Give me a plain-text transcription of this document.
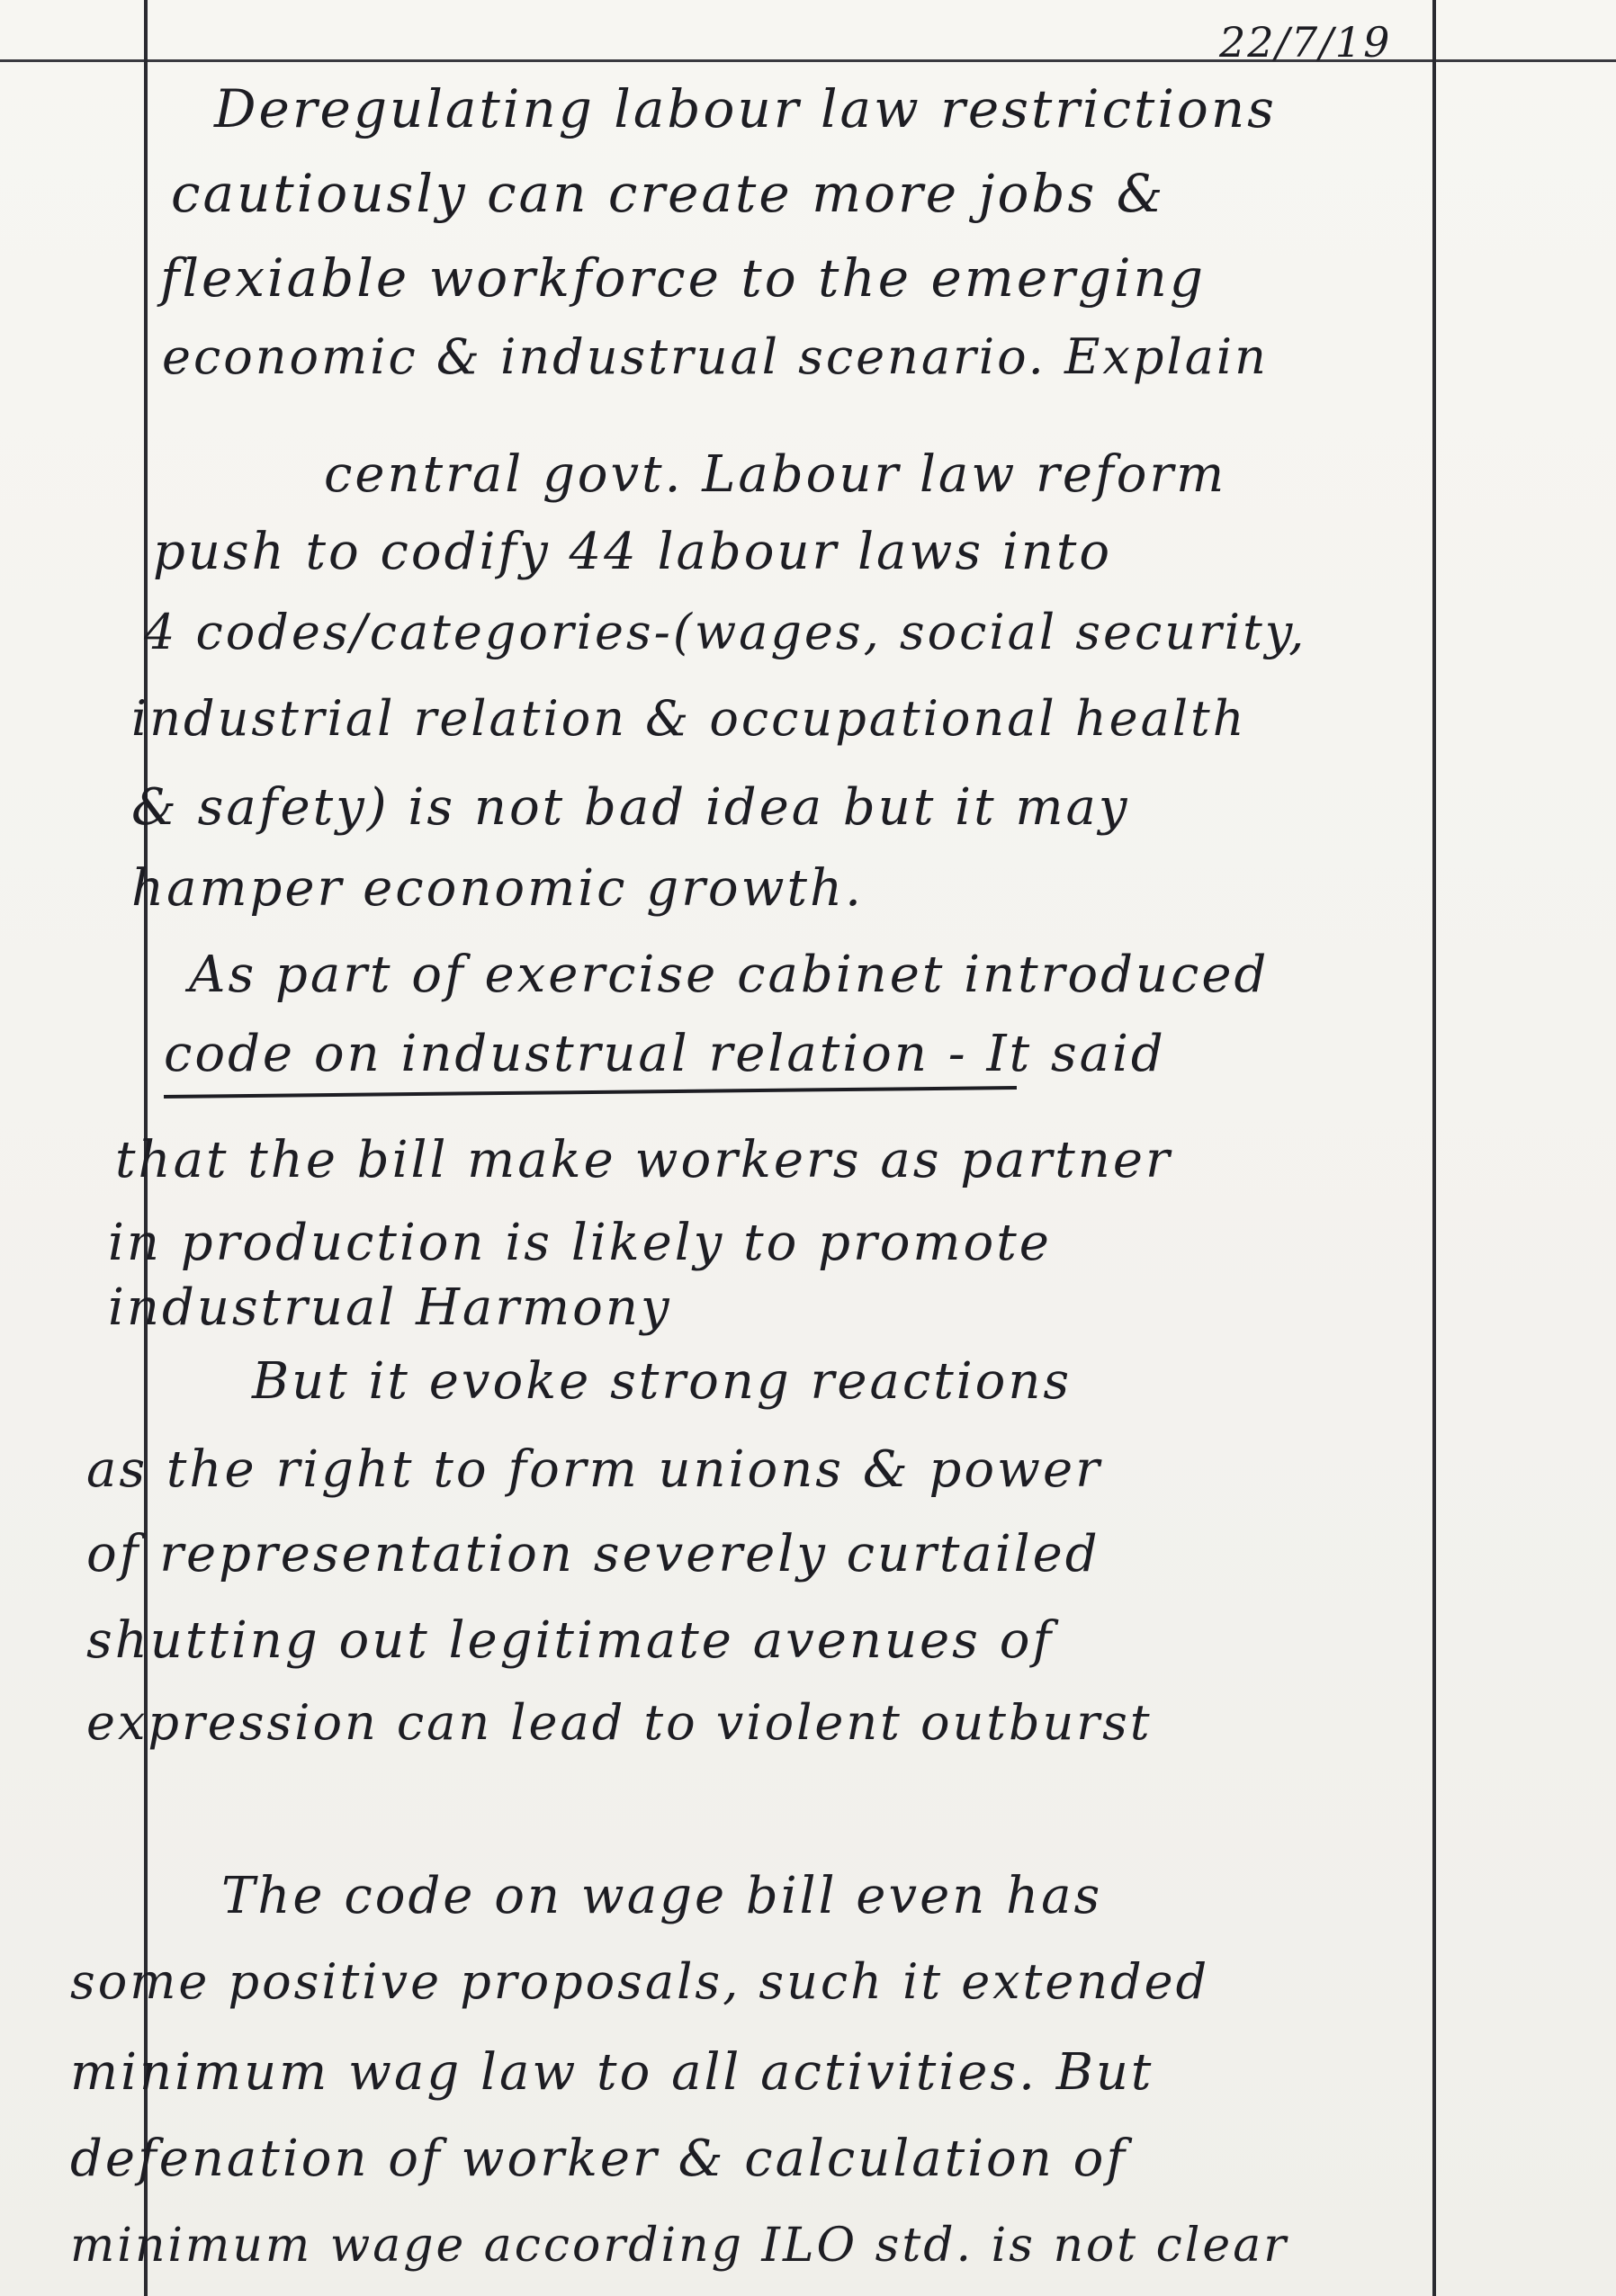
22/7/19
Deregulating labour law restrictions
cautiously can create more jobs &
flexiable workforce to the emerging
economic & industrual scenario. Explain
central govt. Labour law reform
push to codify 44 labour laws into
4 codes/categories-(wages, social security,
industrial relation & occupational health
& safety) is not bad idea but it may
hamper economic growth.
As part of exercise cabinet introduced
code on industrual relation - It said
that the bill make workers as partner
in production is likely to promote
industrual Harmony
But it evoke strong reactions
as the right to form unions & power
of representation severely curtailed
shutting out legitimate avenues of
expression can lead to violent outburst
The code on wage bill even has
some positive proposals, such it extended
minimum wag law to all activities. But
defenation of worker & calculation of
minimum wage according ILO std. is not clear
